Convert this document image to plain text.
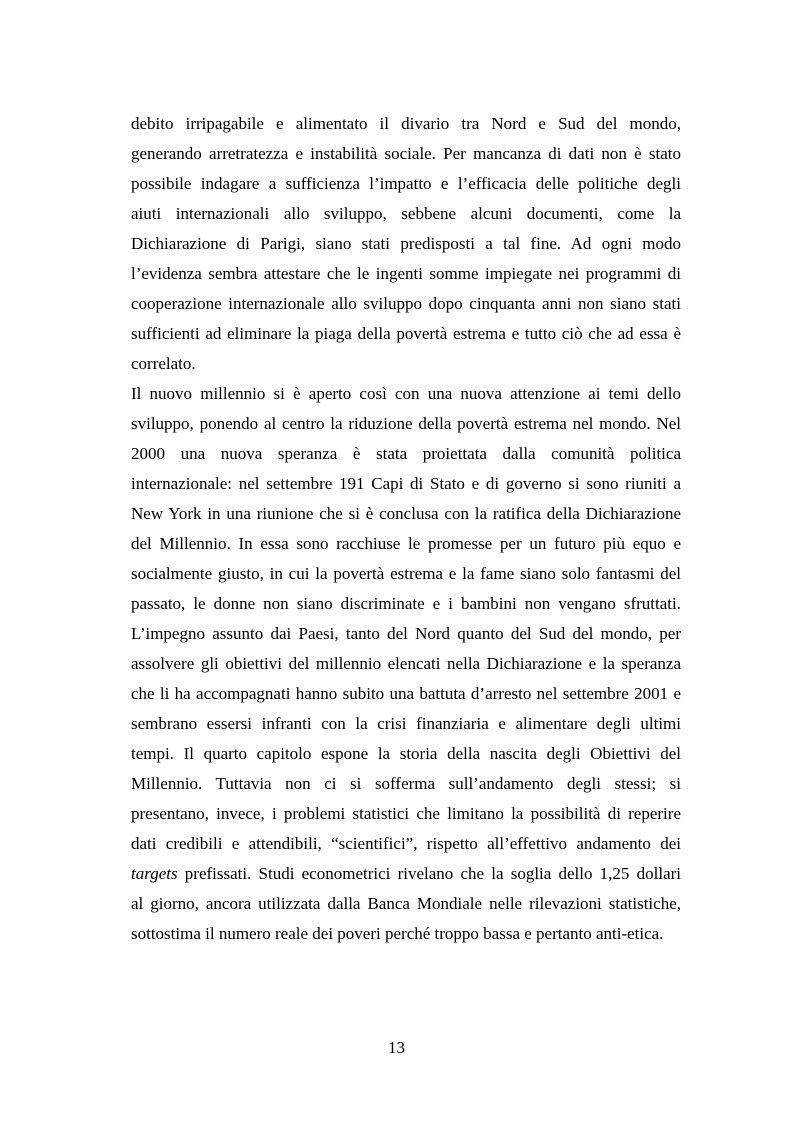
debito irripagabile e alimentato il divario tra Nord e Sud del mondo,
generando arretratezza e instabilità sociale. Per mancanza di dati non è stato
possibile indagare a sufficienza l’impatto e l’efficacia delle politiche degli
aiuti internazionali allo sviluppo, sebbene alcuni documenti, come la
Dichiarazione di Parigi, siano stati predisposti a tal fine. Ad ogni modo
l’evidenza sembra attestare che le ingenti somme impiegate nei programmi di
cooperazione internazionale allo sviluppo dopo cinquanta anni non siano stati
sufficienti ad eliminare la piaga della povertà estrema e tutto ciò che ad essa è
correlato.
Il nuovo millennio si è aperto così con una nuova attenzione ai temi dello
sviluppo, ponendo al centro la riduzione della povertà estrema nel mondo. Nel
2000 una nuova speranza è stata proiettata dalla comunità politica
internazionale: nel settembre 191 Capi di Stato e di governo si sono riuniti a
New York in una riunione che si è conclusa con la ratifica della Dichiarazione
del Millennio. In essa sono racchiuse le promesse per un futuro più equo e
socialmente giusto, in cui la povertà estrema e la fame siano solo fantasmi del
passato, le donne non siano discriminate e i bambini non vengano sfruttati.
L’impegno assunto dai Paesi, tanto del Nord quanto del Sud del mondo, per
assolvere gli obiettivi del millennio elencati nella Dichiarazione e la speranza
che li ha accompagnati hanno subito una battuta d’arresto nel settembre 2001 e
sembrano essersi infranti con la crisi finanziaria e alimentare degli ultimi
tempi. Il quarto capitolo espone la storia della nascita degli Obiettivi del
Millennio. Tuttavia non ci si sofferma sull’andamento degli stessi; si
presentano, invece, i problemi statistici che limitano la possibilità di reperire
dati credibili e attendibili, “scientifici”, rispetto all’effettivo andamento dei
targets prefissati. Studi econometrici rivelano che la soglia dello 1,25 dollari
al giorno, ancora utilizzata dalla Banca Mondiale nelle rilevazioni statistiche,
sottostima il numero reale dei poveri perché troppo bassa e pertanto anti-etica.
13
